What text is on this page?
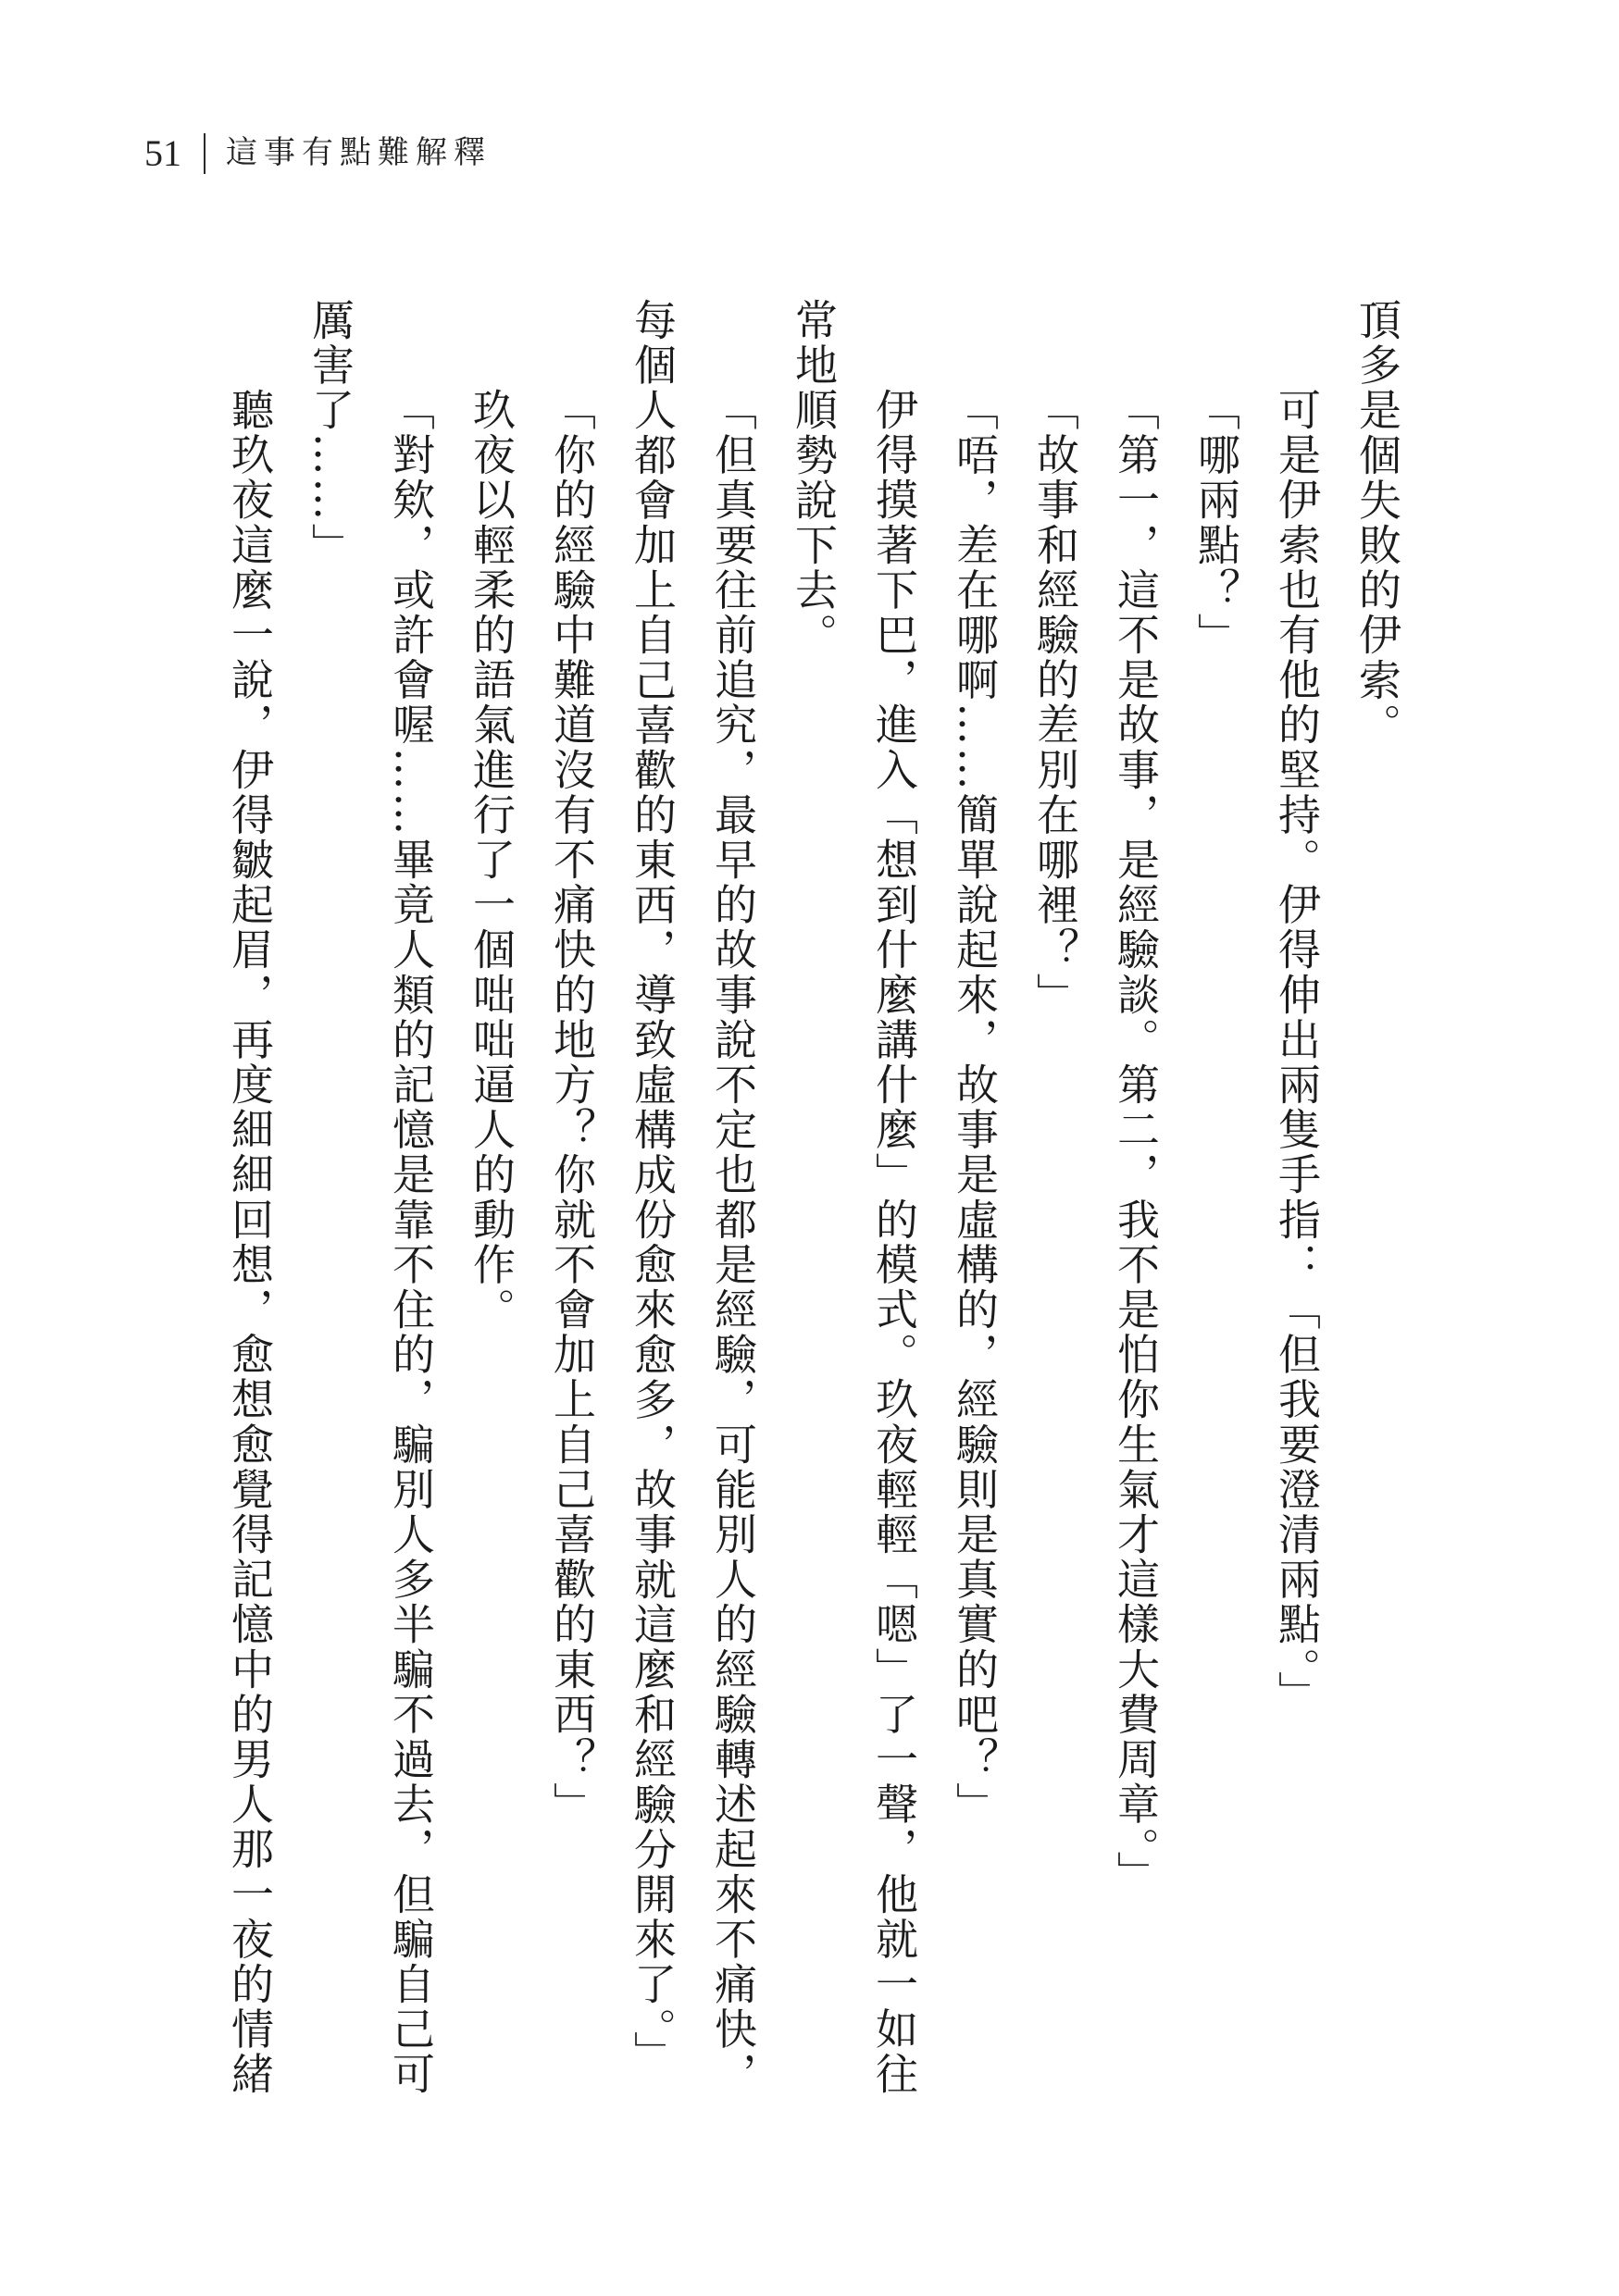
51 這事有點難解釋
頂多是個失敗的伊索。
可是伊索也有他的堅持。伊得伸出兩隻手指：「但我要澄清兩點。」
「哪兩點？」
「第一，這不是故事，是經驗談。第二，我不是怕你生氣才這樣大費周章。」
「故事和經驗的差別在哪裡？」
「唔，差在哪啊……簡單說起來，故事是虛構的，經驗則是真實的吧？」
伊得摸著下巴，進入「想到什麼講什麼」的模式。玖夜輕輕「嗯」了一聲，他就一如往
常地順勢說下去。
「但真要往前追究，最早的故事說不定也都是經驗，可能別人的經驗轉述起來不痛快，
每個人都會加上自己喜歡的東西，導致虛構成份愈來愈多，故事就這麼和經驗分開來了。」
「你的經驗中難道沒有不痛快的地方？你就不會加上自己喜歡的東西？」
玖夜以輕柔的語氣進行了一個咄咄逼人的動作。
「對欸，或許會喔……畢竟人類的記憶是靠不住的，騙別人多半騙不過去，但騙自己可
厲害了……」
聽玖夜這麼一說，伊得皺起眉，再度細細回想，愈想愈覺得記憶中的男人那一夜的情緒
